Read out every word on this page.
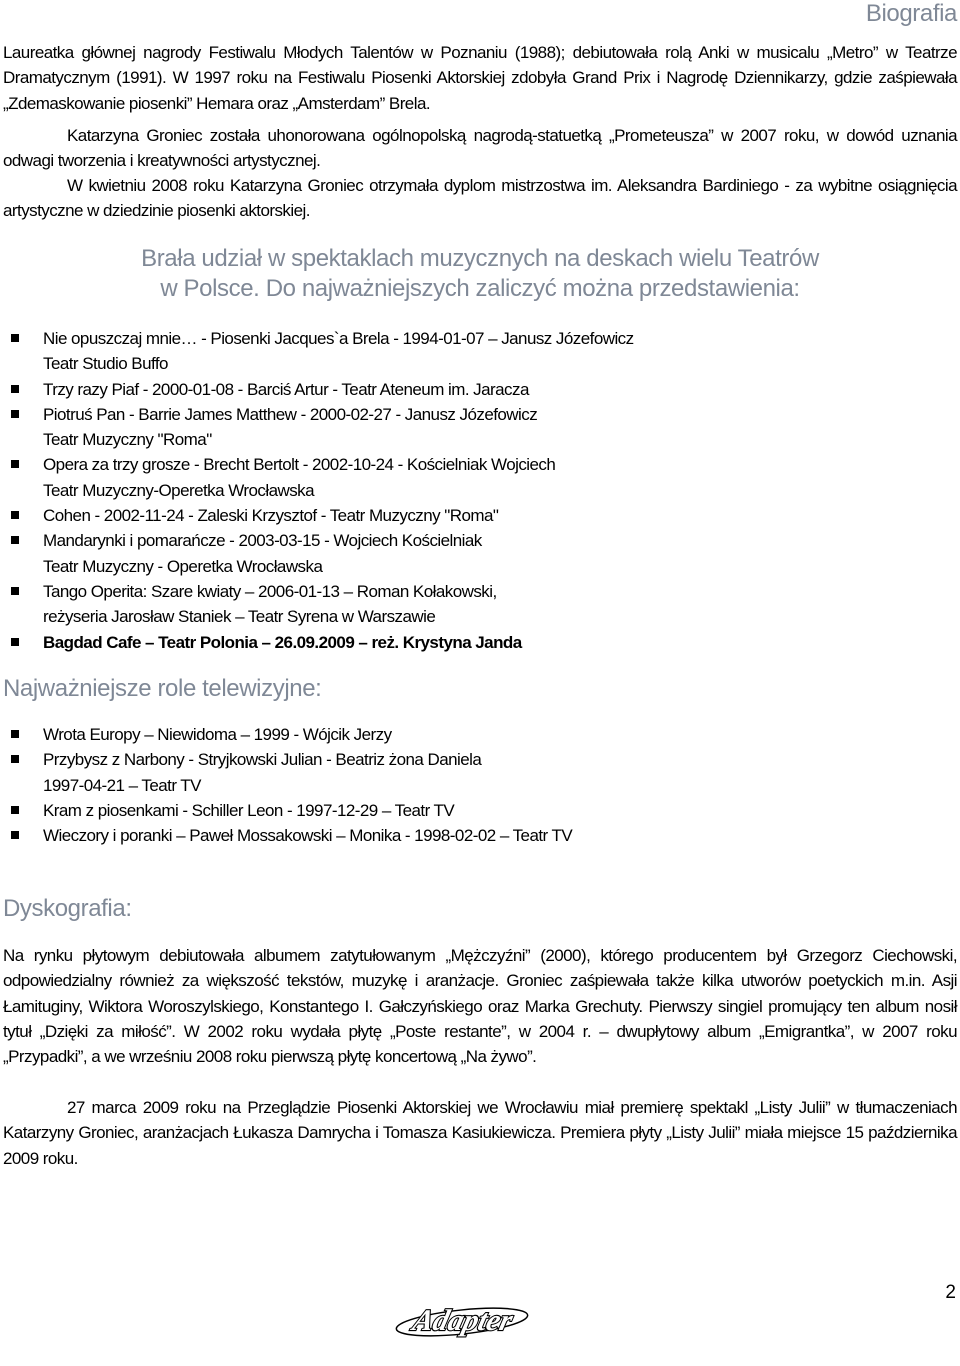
Biografia
Laureatka głównej nagrody Festiwalu Młodych Talentów w Poznaniu (1988); debiutowała rolą Anki w musicalu „Metro” w Teatrze Dramatycznym (1991). W 1997 roku na Festiwalu Piosenki Aktorskiej zdobyła Grand Prix i Nagrodę Dziennikarzy, gdzie zaśpiewała „Zdemaskowanie piosenki” Hemara oraz „Amsterdam” Brela.
Katarzyna Groniec została uhonorowana ogólnopolską nagrodą-statuetką „Prometeusza” w 2007 roku, w dowód uznania odwagi tworzenia i kreatywności artystycznej.
W kwietniu 2008 roku Katarzyna Groniec otrzymała dyplom mistrzostwa im. Aleksandra Bardiniego - za wybitne osiągnięcia artystyczne w dziedzinie piosenki aktorskiej.
Brała udział w spektaklach muzycznych na deskach wielu Teatrów
w Polsce. Do najważniejszych zaliczyć można przedstawienia:
Nie opuszczaj mnie… - Piosenki Jacques`a Brela - 1994-01-07 – Janusz Józefowicz
Teatr Studio Buffo
Trzy razy Piaf - 2000-01-08 - Barciś Artur - Teatr Ateneum im. Jaracza
Piotruś Pan - Barrie James Matthew - 2000-02-27 - Janusz Józefowicz
Teatr Muzyczny "Roma"
Opera za trzy grosze - Brecht Bertolt - 2002-10-24 - Kościelniak Wojciech
Teatr Muzyczny-Operetka Wrocławska
Cohen - 2002-11-24 - Zaleski Krzysztof - Teatr Muzyczny "Roma"
Mandarynki i pomarańcze - 2003-03-15 - Wojciech Kościelniak
Teatr Muzyczny - Operetka Wrocławska
Tango Operita: Szare kwiaty – 2006-01-13 – Roman Kołakowski,
reżyseria Jarosław Staniek – Teatr Syrena w Warszawie
Bagdad Cafe – Teatr Polonia – 26.09.2009 – reż. Krystyna Janda
Najważniejsze role telewizyjne:
Wrota Europy – Niewidoma – 1999 - Wójcik Jerzy
Przybysz z Narbony - Stryjkowski Julian - Beatriz żona Daniela
1997-04-21 – Teatr TV
Kram z piosenkami - Schiller Leon - 1997-12-29 – Teatr TV
Wieczory i poranki – Paweł Mossakowski – Monika - 1998-02-02 – Teatr TV
Dyskografia:
Na rynku płytowym debiutowała albumem zatytułowanym „Mężczyźni” (2000), którego producentem był Grzegorz Ciechowski, odpowiedzialny również za większość tekstów, muzykę i aranżacje. Groniec zaśpiewała także kilka utworów poetyckich m.in. Asji Łamituginy, Wiktora Woroszylskiego, Konstantego I. Gałczyńskiego oraz Marka Grechuty. Pierwszy singiel promujący ten album nosił tytuł „Dzięki za miłość”. W 2002 roku wydała płytę „Poste restante”, w 2004 r. – dwupłytowy album „Emigrantka”, w 2007 roku „Przypadki”, a we wrześniu 2008 roku pierwszą płytę koncertową „Na żywo”.
27 marca 2009 roku na Przeglądzie Piosenki Aktorskiej we Wrocławiu miał premierę spektakl „Listy Julii” w tłumaczeniach Katarzyny Groniec, aranżacjach Łukasza Damrycha i Tomasza Kasiukiewicza. Premiera płyty „Listy Julii” miała miejsce 15 października 2009 roku.
2
Adapter
